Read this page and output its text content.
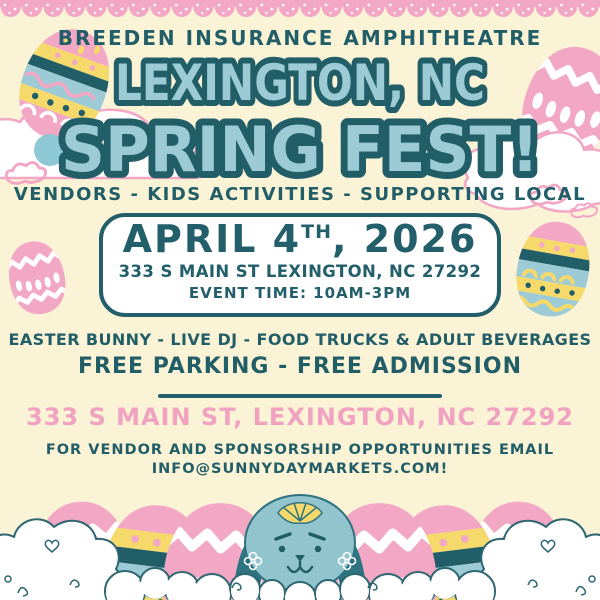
BREEDEN INSURANCE AMPHITHEATRE
LEXINGTON, NC
SPRING FEST!
VENDORS - KIDS ACTIVITIES - SUPPORTING LOCAL
APRIL 4TH, 2026
333 S MAIN ST LEXINGTON, NC 27292
EVENT TIME: 10AM-3PM
EASTER BUNNY - LIVE DJ - FOOD TRUCKS & ADULT BEVERAGES
FREE PARKING - FREE ADMISSION
333 S MAIN ST, LEXINGTON, NC 27292
FOR VENDOR AND SPONSORSHIP OPPORTUNITIES EMAIL
INFO@SUNNYDAYMARKETS.COM!
